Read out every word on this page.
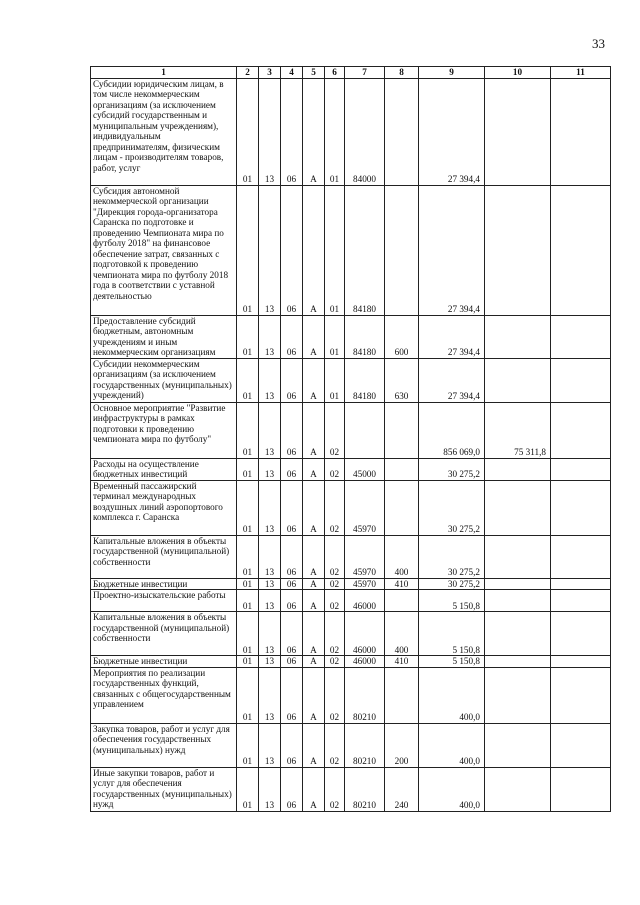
33
1	2	3	4	5	6	7	8	9	10	11
Субсидии юридическим лицам, в том числе некоммерческим организациям (за исключением субсидий государственным и муниципальным учреждениям), индивидуальным предпринимателям, физическим лицам - производителям товаров, работ, услуг	01	13	06	А	01	84000		27 394,4		
Субсидия автономной некоммерческой организации "Дирекция города-организатора Саранска по подготовке и проведению Чемпионата мира по футболу 2018" на финансовое обеспечение затрат, связанных с подготовкой к проведению чемпионата мира по футболу 2018 года в соответствии с уставной деятельностью	01	13	06	А	01	84180		27 394,4		
Предоставление субсидий бюджетным, автономным учреждениям и иным некоммерческим организациям	01	13	06	А	01	84180	600	27 394,4		
Субсидии некоммерческим организациям (за исключением государственных (муниципальных) учреждений)	01	13	06	А	01	84180	630	27 394,4		
Основное мероприятие "Развитие инфраструктуры в рамках подготовки к проведению чемпионата мира по футболу"	01	13	06	А	02			856 069,0	75 311,8	
Расходы на осуществление бюджетных инвестиций	01	13	06	А	02	45000		30 275,2		
Временный пассажирский терминал международных воздушных линий аэропортового комплекса г. Саранска	01	13	06	А	02	45970		30 275,2		
Капитальные вложения в объекты государственной (муниципальной) собственности	01	13	06	А	02	45970	400	30 275,2		
Бюджетные инвестиции	01	13	06	А	02	45970	410	30 275,2		
Проектно-изыскательские работы	01	13	06	А	02	46000		5 150,8		
Капитальные вложения в объекты государственной (муниципальной) собственности	01	13	06	А	02	46000	400	5 150,8		
Бюджетные инвестиции	01	13	06	А	02	46000	410	5 150,8		
Мероприятия по реализации государственных функций, связанных с общегосударственным управлением	01	13	06	А	02	80210		400,0		
Закупка товаров, работ и услуг для обеспечения государственных (муниципальных) нужд	01	13	06	А	02	80210	200	400,0		
Иные закупки товаров, работ и услуг для обеспечения государственных (муниципальных) нужд	01	13	06	А	02	80210	240	400,0		
